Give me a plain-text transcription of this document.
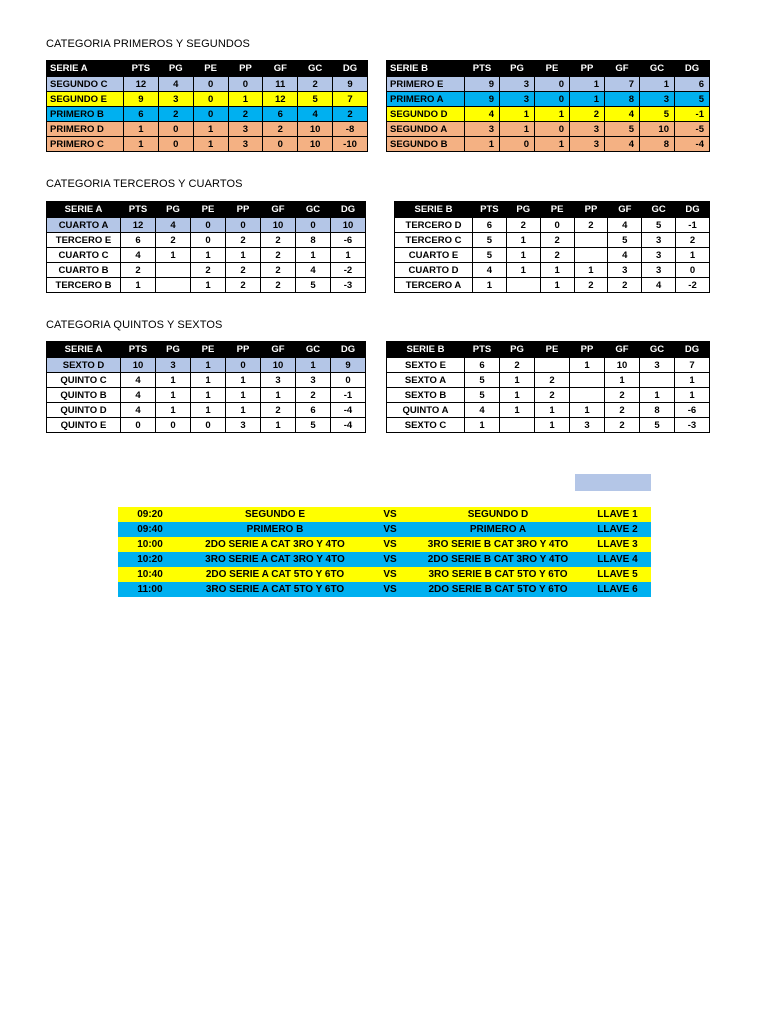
CATEGORIA PRIMEROS Y SEGUNDOS
CATEGORIA TERCEROS Y CUARTOS
CATEGORIA QUINTOS Y SEXTOS
SERIE A	PTS	PG	PE	PP	GF	GC	DG
SEGUNDO C	12	4	0	0	11	2	9
SEGUNDO E	9	3	0	1	12	5	7
PRIMERO B	6	2	0	2	6	4	2
PRIMERO D	1	0	1	3	2	10	-8
PRIMERO C	1	0	1	3	0	10	-10
SERIE B	PTS	PG	PE	PP	GF	GC	DG
PRIMERO E	9	3	0	1	7	1	6
PRIMERO A	9	3	0	1	8	3	5
SEGUNDO D	4	1	1	2	4	5	-1
SEGUNDO A	3	1	0	3	5	10	-5
SEGUNDO B	1	0	1	3	4	8	-4
SERIE A	PTS	PG	PE	PP	GF	GC	DG
CUARTO A	12	4	0	0	10	0	10
TERCERO E	6	2	0	2	2	8	-6
CUARTO C	4	1	1	1	2	1	1
CUARTO B	2		2	2	2	4	-2
TERCERO B	1		1	2	2	5	-3
SERIE B	PTS	PG	PE	PP	GF	GC	DG
TERCERO D	6	2	0	2	4	5	-1
TERCERO C	5	1	2		5	3	2
CUARTO E	5	1	2		4	3	1
CUARTO D	4	1	1	1	3	3	0
TERCERO A	1		1	2	2	4	-2
SERIE A	PTS	PG	PE	PP	GF	GC	DG
SEXTO D	10	3	1	0	10	1	9
QUINTO C	4	1	1	1	3	3	0
QUINTO B	4	1	1	1	1	2	-1
QUINTO D	4	1	1	1	2	6	-4
QUINTO E	0	0	0	3	1	5	-4
SERIE B	PTS	PG	PE	PP	GF	GC	DG
SEXTO E	6	2		1	10	3	7
SEXTO A	5	1	2		1		1
SEXTO B	5	1	2		2	1	1
QUINTO A	4	1	1	1	2	8	-6
SEXTO C	1		1	3	2	5	-3
09:20	SEGUNDO E	VS	SEGUNDO D	LLAVE 1
09:40	PRIMERO B	VS	PRIMERO A	LLAVE 2
10:00	2DO SERIE A CAT 3RO Y 4TO	VS	3RO SERIE B CAT 3RO Y 4TO	LLAVE 3
10:20	3RO SERIE A CAT 3RO Y 4TO	VS	2DO SERIE B CAT 3RO Y 4TO	LLAVE 4
10:40	2DO SERIE A CAT 5TO Y 6TO	VS	3RO SERIE B CAT 5TO Y 6TO	LLAVE 5
11:00	3RO SERIE A CAT 5TO Y 6TO	VS	2DO SERIE B CAT 5TO Y 6TO	LLAVE 6
